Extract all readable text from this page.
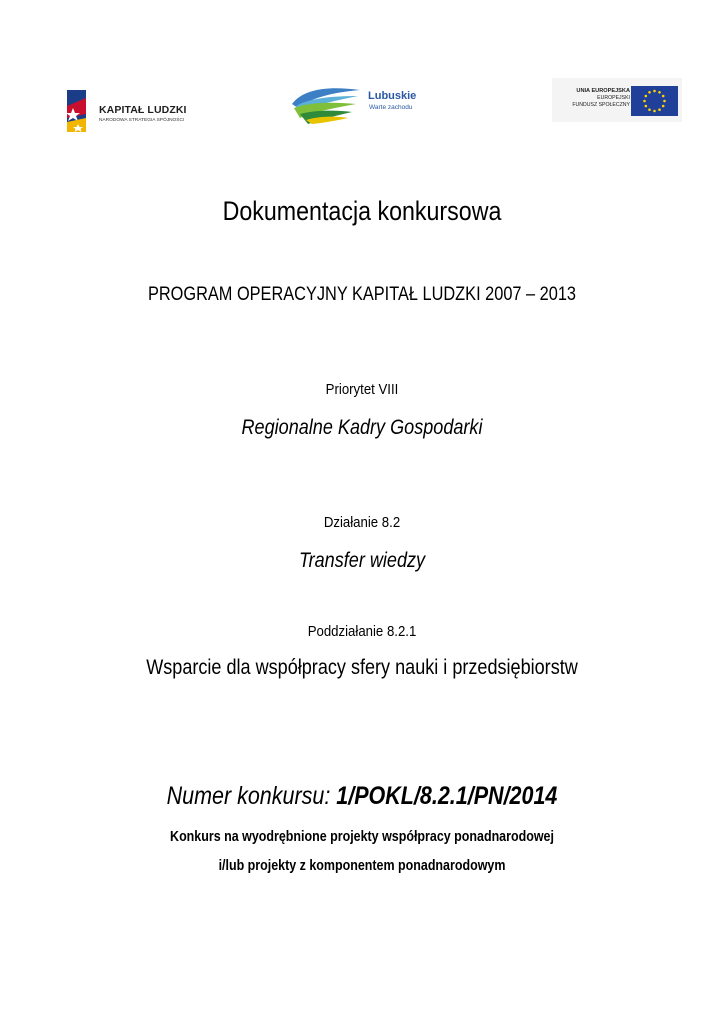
KAPITAŁ LUDZKI
NARODOWA STRATEGIA SPÓJNOŚCI
Lubuskie
Warte zachodu
UNIA EUROPEJSKA
EUROPEJSKI
FUNDUSZ SPOŁECZNY
Dokumentacja konkursowa
PROGRAM OPERACYJNY KAPITAŁ LUDZKI 2007 – 2013
Priorytet VIII
Regionalne Kadry Gospodarki
Działanie 8.2
Transfer wiedzy
Poddziałanie 8.2.1
Wsparcie dla współpracy sfery nauki i przedsiębiorstw
Numer konkursu: 1/POKL/8.2.1/PN/2014
Konkurs na wyodrębnione projekty współpracy ponadnarodowej
i/lub projekty z komponentem ponadnarodowym
